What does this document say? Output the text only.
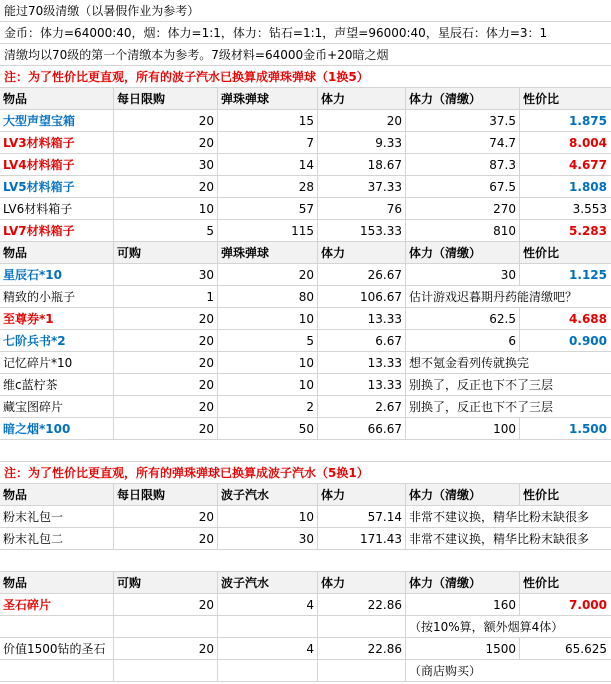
能过70级清缴（以暑假作业为参考）
金币：体力=64000:40，烟：体力=1:1，体力：钻石=1:1，声望=96000:40，星辰石：体力=3：1
清缴均以70级的第一个清缴本为参考。7级材料=64000金币+20暗之烟
注：为了性价比更直观，所有的波子汽水已换算成弹珠弹球（1换5）
物品	每日限购	弹珠弹球	体力	体力（清缴）	性价比
大型声望宝箱	20	15	20	37.5	1.875
LV3材料箱子	20	7	9.33	74.7	8.004
LV4材料箱子	30	14	18.67	87.3	4.677
LV5材料箱子	20	28	37.33	67.5	1.808
LV6材料箱子	10	57	76	270	3.553
LV7材料箱子	5	115	153.33	810	5.283
物品	可购	弹珠弹球	体力	体力（清缴）	性价比
星辰石*10	30	20	26.67	30	1.125
精致的小瓶子	1	80	106.67 估计游戏迟暮期丹药能清缴吧？
至尊券*1	20	10	13.33	62.5	4.688
七阶兵书*2	20	5	6.67	6	0.900
记忆碎片*10	20	10	13.33 想不氪金看列传就换完
维c蓝柠茶	20	10	13.33 别换了，反正也下不了三层
藏宝图碎片	20	2	2.67 别换了，反正也下不了三层
暗之烟*100	20	50	66.67	100	1.500
注：为了性价比更直观，所有的弹珠弹球已换算成波子汽水（5换1）
物品	每日限购	波子汽水	体力	体力（清缴）	性价比
粉末礼包一	20	10	57.14 非常不建议换，精华比粉末缺很多
粉末礼包二	20	30	171.43 非常不建议换，精华比粉末缺很多
物品	可购	波子汽水	体力	体力（清缴）	性价比
圣石碎片	20	4	22.86	160	7.000
（按10%算，额外烟算4体）
价值1500钻的圣石	20	4	22.86	1500	65.625
（商店购买）
